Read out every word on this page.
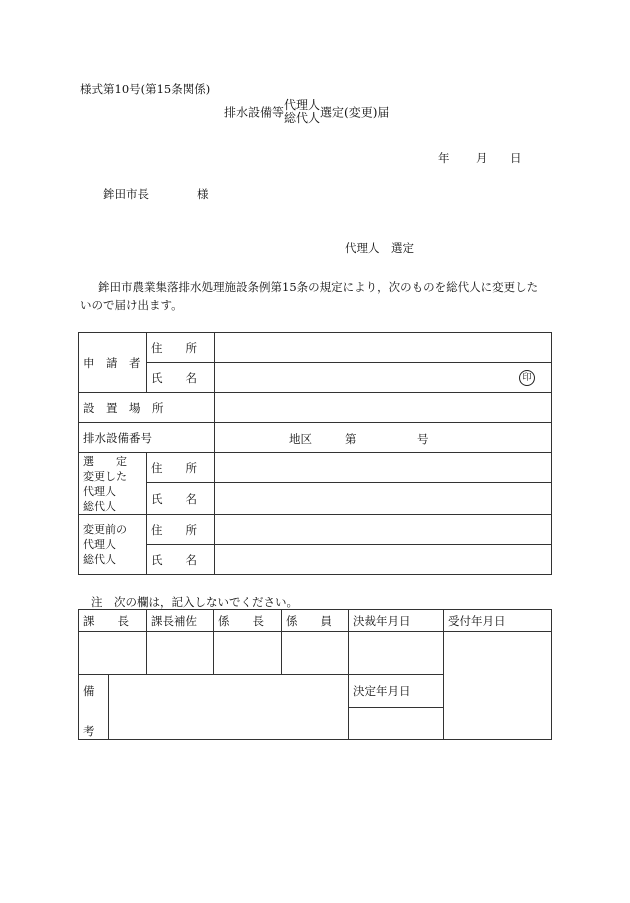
様式第10号(第15条関係)
排水設備等代理人
総代人選定(変更)届
年 月 日
鉾田市長	様
代理人　選定
鉾田市農業集落排水処理施設条例第15条の規定により，次のものを総代人に変更した
いので届け出ます。
申　請　者	住　　所	
	氏　　名	印

設　置　場　所		
排水設備番号		地区 第 号

選　　定
変更した
代理人
総代人	住　　所	
	氏　　名	

変更前の
代理人
総代人	住　　所	
	氏　　名	
注　次の欄は，記入しないでください。
課　　長		課長補佐	係　　長	係　　員	決裁年月日	受付年月日

備
考					決定年月日	
